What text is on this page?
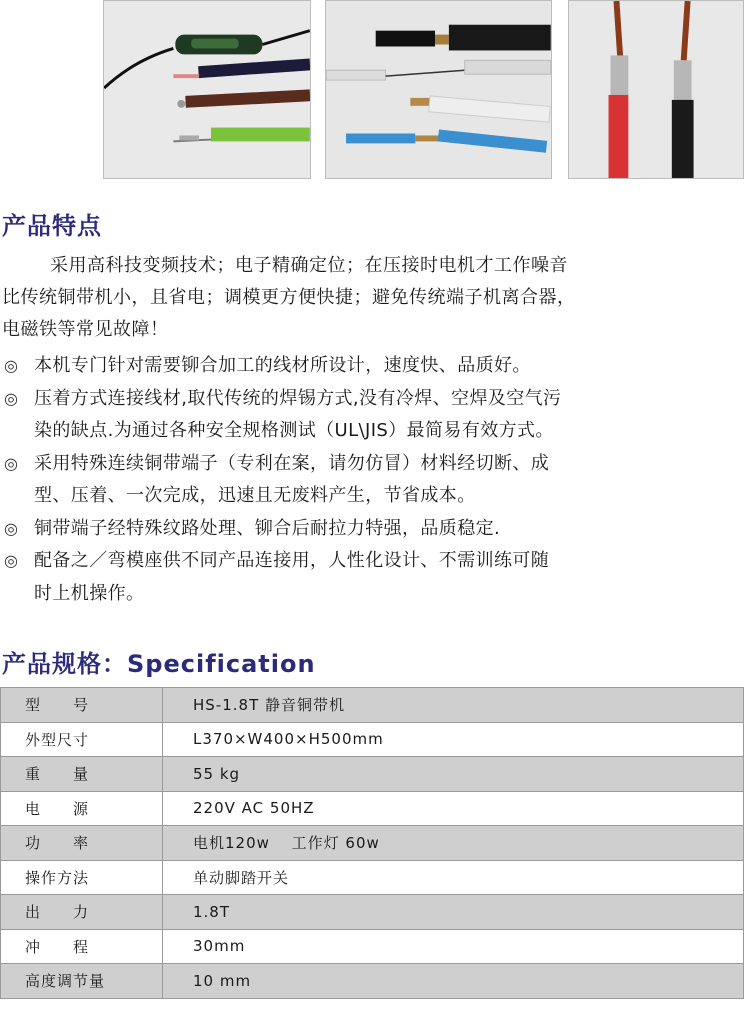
产品特点
采用高科技变频技术；电子精确定位；在压接时电机才工作噪音
比传统铜带机小，且省电；调模更方便快捷；避免传统端子机离合器，
电磁铁等常见故障！
◎ 本机专门针对需要铆合加工的线材所设计，速度快、品质好。
◎ 压着方式连接线材,取代传统的焊锡方式,没有冷焊、空焊及空气污
染的缺点.为通过各种安全规格测试（UL\JIS）最简易有效方式。
◎ 采用特殊连续铜带端子（专利在案，请勿仿冒）材料经切断、成
型、压着、一次完成，迅速且无废料产生，节省成本。
◎ 铜带端子经特殊纹路处理、铆合后耐拉力特强，品质稳定.
◎ 配备之／弯模座供不同产品连接用，人性化设计、不需训练可随
时上机操作。
产品规格：Specification
型　　号	HS-1.8T 静音铜带机
外型尺寸	L370×W400×H500mm
重　　量	55 kg
电　　源	220V AC 50HZ
功　　率	电机120w　 工作灯 60w
操作方法	单动脚踏开关
出　　力	1.8T
冲　　程	30mm
高度调节量	10 mm
